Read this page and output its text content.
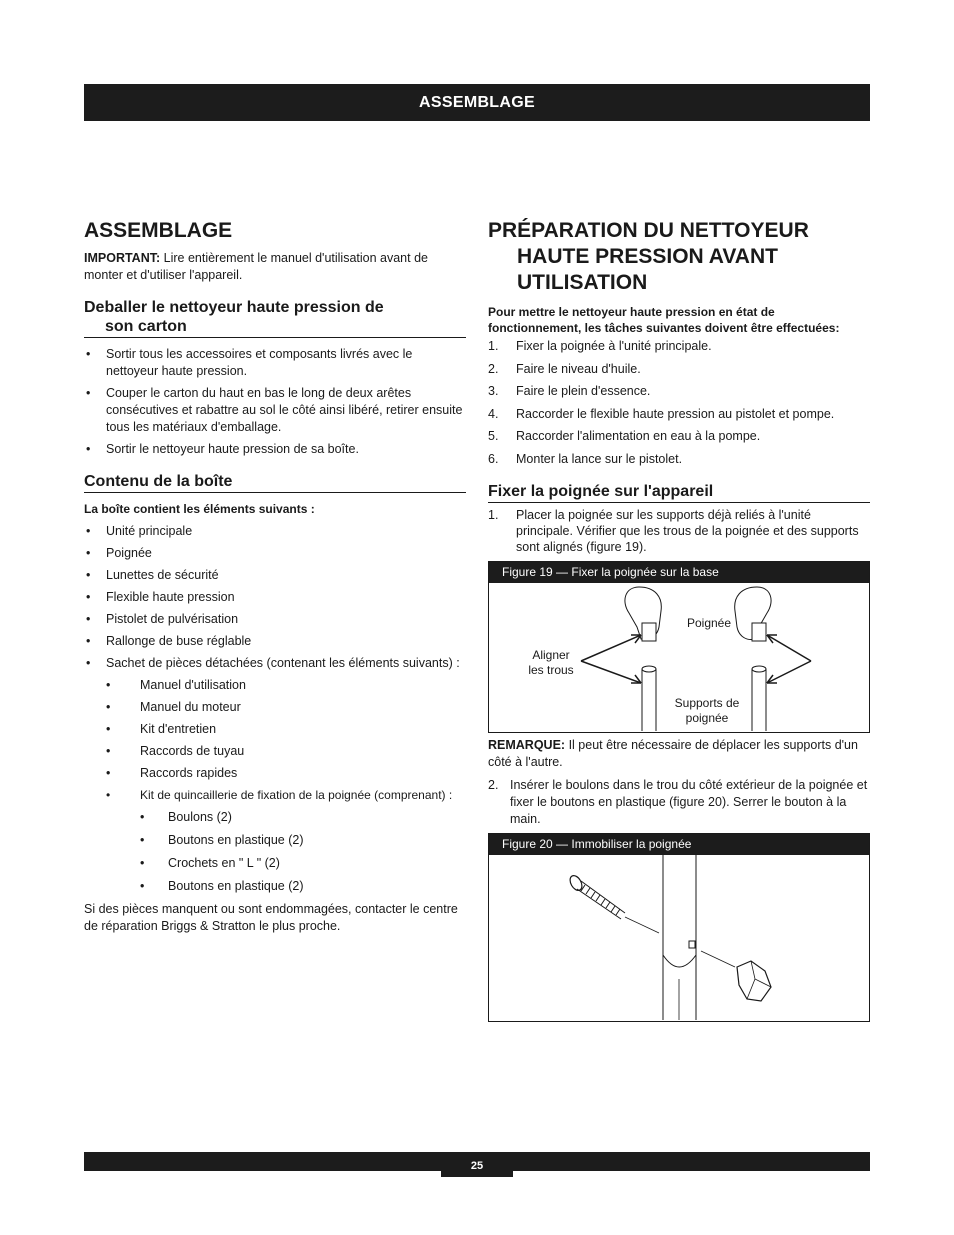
ASSEMBLAGE
ASSEMBLAGE

IMPORTANT: Lire entièrement le manuel d'utilisation avant de monter et d'utiliser l'appareil.

Deballer le nettoyeur haute pression de
son carton
• Sortir tous les accessoires et composants livrés avec le nettoyeur haute pression.
• Couper le carton du haut en bas le long de deux arêtes consécutives et rabattre au sol le côté ainsi libéré, retirer ensuite tous les matériaux d'emballage.
• Sortir le nettoyeur haute pression de sa boîte.
Contenu de la boîte

La boîte contient les éléments suivants :

• Unité principale
• Poignée
• Lunettes de sécurité
• Flexible haute pression
• Pistolet de pulvérisation
• Rallonge de buse réglable
• Sachet de pièces détachées (contenant les éléments suivants) :
• Manuel d'utilisation
• Manuel du moteur
• Kit d'entretien
• Raccords de tuyau
• Raccords rapides
• Kit de quincaillerie de fixation de la poignée (comprenant) :
• Boulons (2)
• Boutons en plastique (2)
• Crochets en " L " (2)
• Boutons en plastique (2)

Si des pièces manquent ou sont endommagées, contacter le centre de réparation Briggs & Stratton le plus proche.

PRÉPARATION DU NETTOYEUR HAUTE PRESSION AVANT UTILISATION

Pour mettre le nettoyeur haute pression en état de fonctionnement, les tâches suivantes doivent être effectuées:

1. Fixer la poignée à l'unité principale.
2. Faire le niveau d'huile.
3. Faire le plein d'essence.
4. Raccorder le flexible haute pression au pistolet et pompe.
5. Raccorder l'alimentation en eau à la pompe.
6. Monter la lance sur le pistolet.
Fixer la poignée sur l'appareil
1. Placer la poignée sur les supports déjà reliés à l'unité principale. Vérifier que les trous de la poignée et des supports sont alignés (figure 19).
Figure 19 — Fixer la poignée sur la base
Poignée
Aligner
les trous
Supports de
poignée

REMARQUE: Il peut être nécessaire de déplacer les supports d'un côté à l'autre.

2. Insérer le boulons dans le trou du côté extérieur de la poignée et fixer le boutons en plastique (figure 20). Serrer le bouton à la main.
Figure 20 — Immobiliser la poignée
25
